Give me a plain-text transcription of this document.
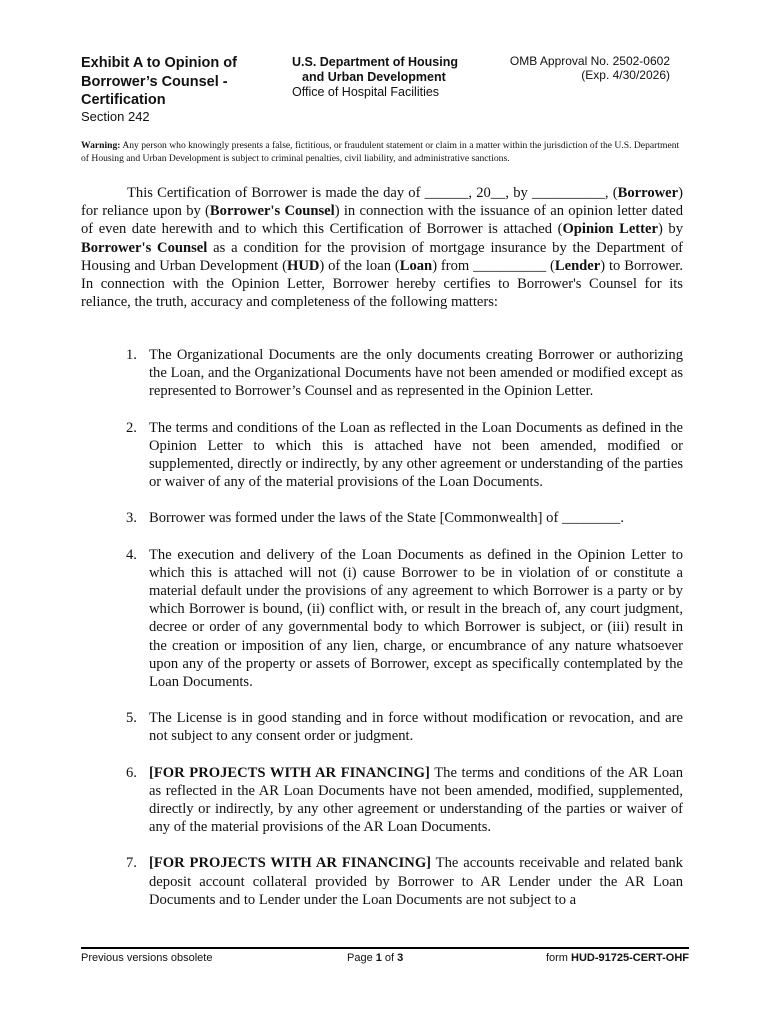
Exhibit A to Opinion of
Borrower’s Counsel -
Certification
Section 242
U.S. Department of Housing
and Urban Development
Office of Hospital Facilities
OMB Approval No. 2502-0602
(Exp. 4/30/2026)
Warning: Any person who knowingly presents a false, fictitious, or fraudulent statement or claim in a matter within the jurisdiction of the U.S. Department of Housing and Urban Development is subject to criminal penalties, civil liability, and administrative sanctions.
This Certification of Borrower is made the day of ______, 20__, by __________, (Borrower) for reliance upon by (Borrower's Counsel) in connection with the issuance of an opinion letter dated of even date herewith and to which this Certification of Borrower is attached (Opinion Letter) by Borrower's Counsel as a condition for the provision of mortgage insurance by the Department of Housing and Urban Development (HUD) of the loan (Loan) from __________ (Lender) to Borrower. In connection with the Opinion Letter, Borrower hereby certifies to Borrower's Counsel for its reliance, the truth, accuracy and completeness of the following matters:
1. The Organizational Documents are the only documents creating Borrower or authorizing the Loan, and the Organizational Documents have not been amended or modified except as represented to Borrower’s Counsel and as represented in the Opinion Letter.
2. The terms and conditions of the Loan as reflected in the Loan Documents as defined in the Opinion Letter to which this is attached have not been amended, modified or supplemented, directly or indirectly, by any other agreement or understanding of the parties or waiver of any of the material provisions of the Loan Documents.
3. Borrower was formed under the laws of the State [Commonwealth] of ________.
4. The execution and delivery of the Loan Documents as defined in the Opinion Letter to which this is attached will not (i) cause Borrower to be in violation of or constitute a material default under the provisions of any agreement to which Borrower is a party or by which Borrower is bound, (ii) conflict with, or result in the breach of, any court judgment, decree or order of any governmental body to which Borrower is subject, or (iii) result in the creation or imposition of any lien, charge, or encumbrance of any nature whatsoever upon any of the property or assets of Borrower, except as specifically contemplated by the Loan Documents.
5. The License is in good standing and in force without modification or revocation, and are not subject to any consent order or judgment.
6. [FOR PROJECTS WITH AR FINANCING] The terms and conditions of the AR Loan as reflected in the AR Loan Documents have not been amended, modified, supplemented, directly or indirectly, by any other agreement or understanding of the parties or waiver of any of the material provisions of the AR Loan Documents.
7. [FOR PROJECTS WITH AR FINANCING] The accounts receivable and related bank deposit account collateral provided by Borrower to AR Lender under the AR Loan Documents and to Lender under the Loan Documents are not subject to a
Previous versions obsolete	Page 1 of 3	form HUD-91725-CERT-OHF
